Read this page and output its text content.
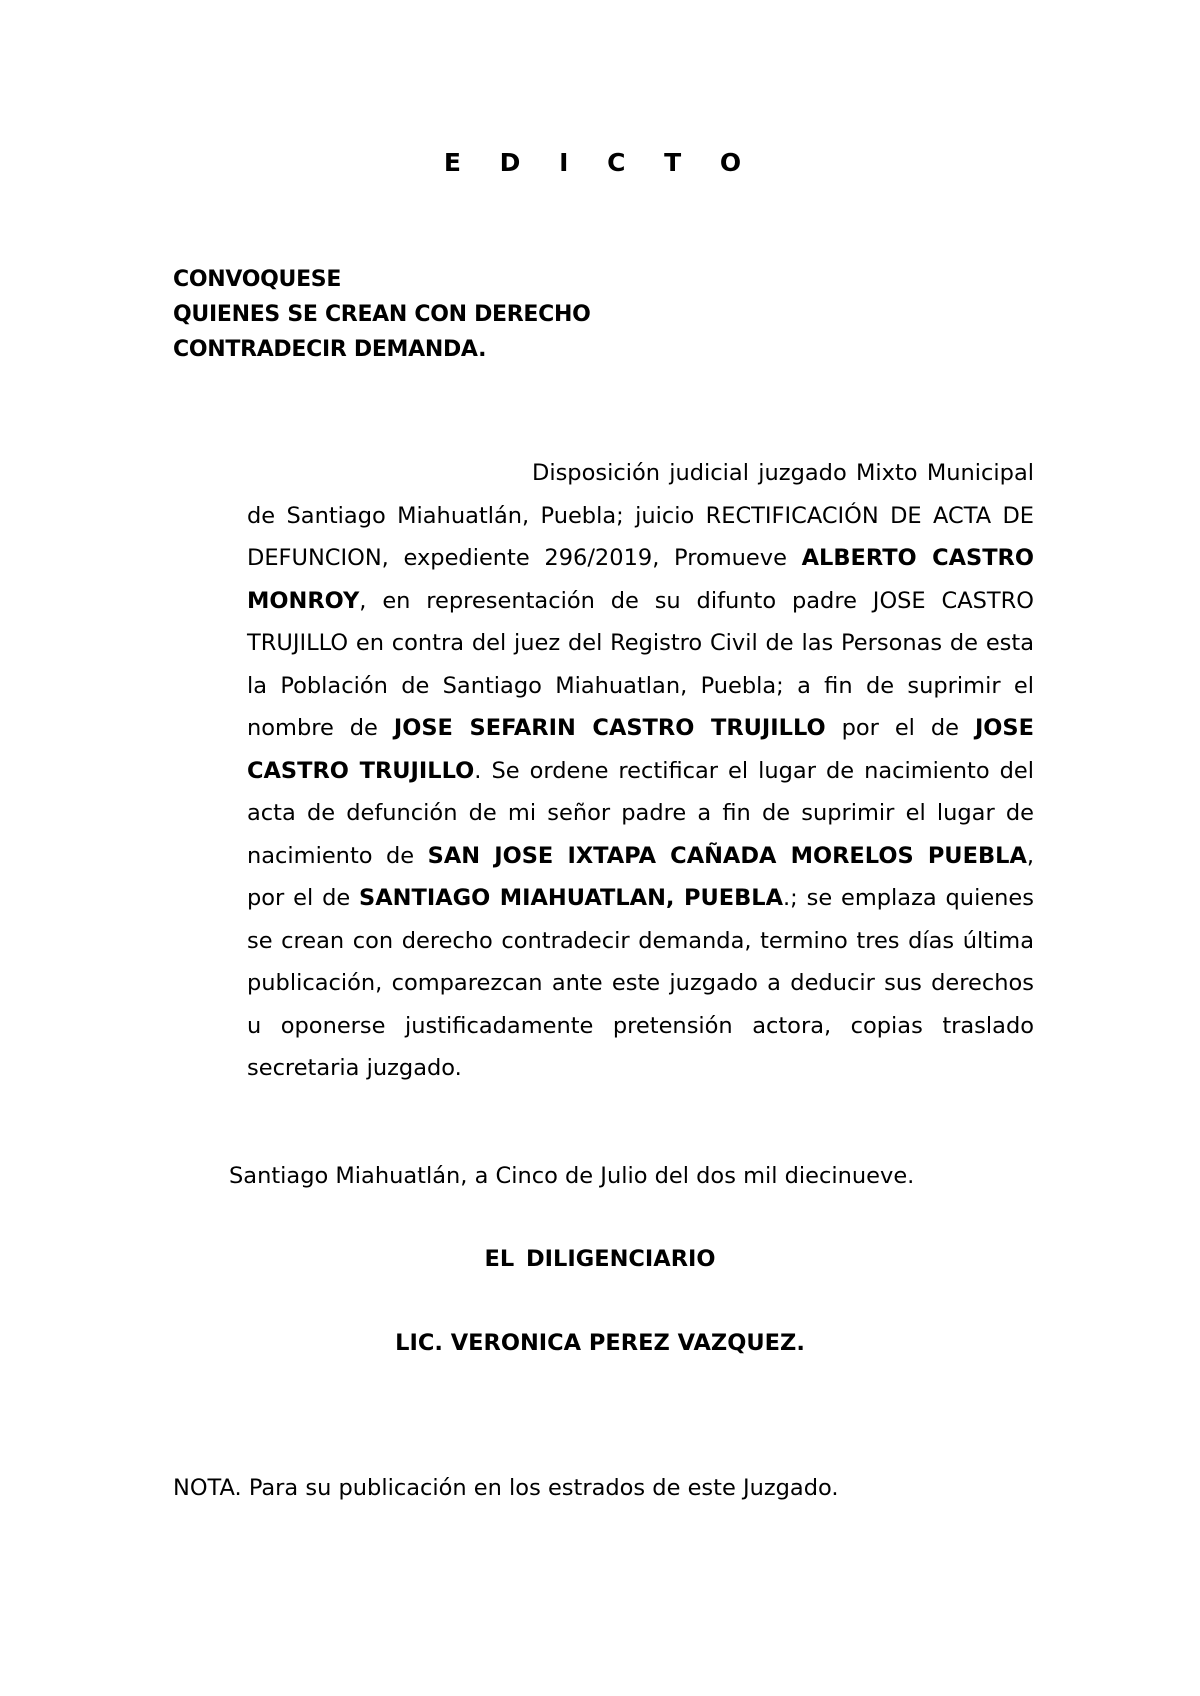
E D I C T O
CONVOQUESE
QUIENES SE CREAN CON DERECHO
CONTRADECIR DEMANDA.

Disposición judicial juzgado Mixto Municipal de Santiago Miahuatlán, Puebla; juicio RECTIFICACIÓN DE ACTA DE DEFUNCION, expediente 296/2019, Promueve ALBERTO CASTRO MONROY, en representación de su difunto padre JOSE CASTRO TRUJILLO en contra del juez del Registro Civil de las Personas de esta la Población de Santiago Miahuatlan, Puebla; a fin de suprimir el nombre de JOSE SEFARIN CASTRO TRUJILLO por el de JOSE CASTRO TRUJILLO. Se ordene rectificar el lugar de nacimiento del acta de defunción de mi señor padre a fin de suprimir el lugar de nacimiento de SAN JOSE IXTAPA CAÑADA MORELOS PUEBLA, por el de SANTIAGO MIAHUATLAN, PUEBLA.; se emplaza quienes se crean con derecho contradecir demanda, termino tres días última publicación, comparezcan ante este juzgado a deducir sus derechos u oponerse justificadamente pretensión actora, copias traslado secretaria juzgado.

Santiago Miahuatlán, a Cinco de Julio del dos mil diecinueve.
EL DILIGENCIARIO
LIC. VERONICA PEREZ VAZQUEZ.
NOTA. Para su publicación en los estrados de este Juzgado.
